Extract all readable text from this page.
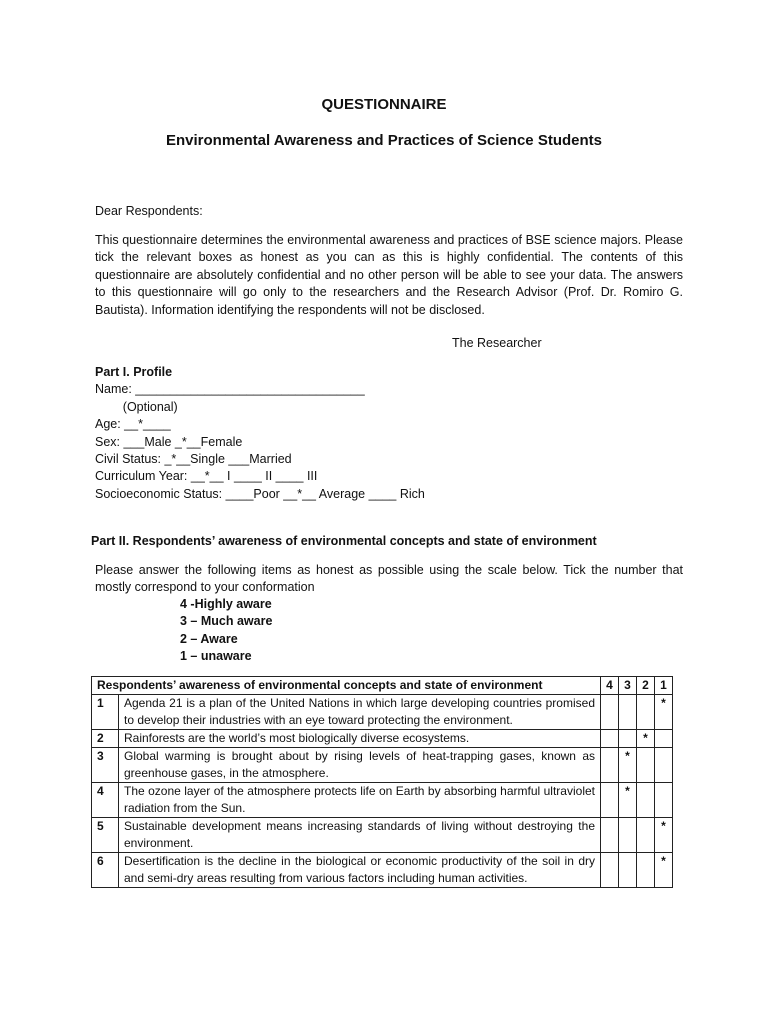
QUESTIONNAIRE
Environmental Awareness and Practices of Science Students
Dear Respondents:
This questionnaire determines the environmental awareness and practices of BSE science majors. Please tick the relevant boxes as honest as you can as this is highly confidential. The contents of this questionnaire are absolutely confidential and no other person will be able to see your data. The answers to this questionnaire will go only to the researchers and the Research Advisor (Prof. Dr. Romiro G. Bautista). Information identifying the respondents will not be disclosed.
The Researcher
Part I. Profile
Name: _________________________________
(Optional)
Age: __*____
Sex: ___Male _*__Female
Civil Status: _*__Single ___Married
Curriculum Year: __*__ I ____ II ____ III
Socioeconomic Status: ____Poor __*__ Average ____ Rich
Part II. Respondents’ awareness of environmental concepts and state of environment
Please answer the following items as honest as possible using the scale below. Tick the number that mostly correspond to your conformation
4 -Highly aware
3 – Much aware
2 – Aware
1 – unaware
Respondents’ awareness of environmental concepts and state of environment		4	3	2	1
1	Agenda 21 is a plan of the United Nations in which large developing countries promised to develop their industries with an eye toward protecting the environment.				*
2	Rainforests are the world’s most biologically diverse ecosystems.			*	
3	Global warming is brought about by rising levels of heat-trapping gases, known as greenhouse gases, in the atmosphere.		*		
4	The ozone layer of the atmosphere protects life on Earth by absorbing harmful ultraviolet radiation from the Sun.		*		
5	Sustainable development means increasing standards of living without destroying the environment.				*
6	Desertification is the decline in the biological or economic productivity of the soil in dry and semi-dry areas resulting from various factors including human activities.				*
